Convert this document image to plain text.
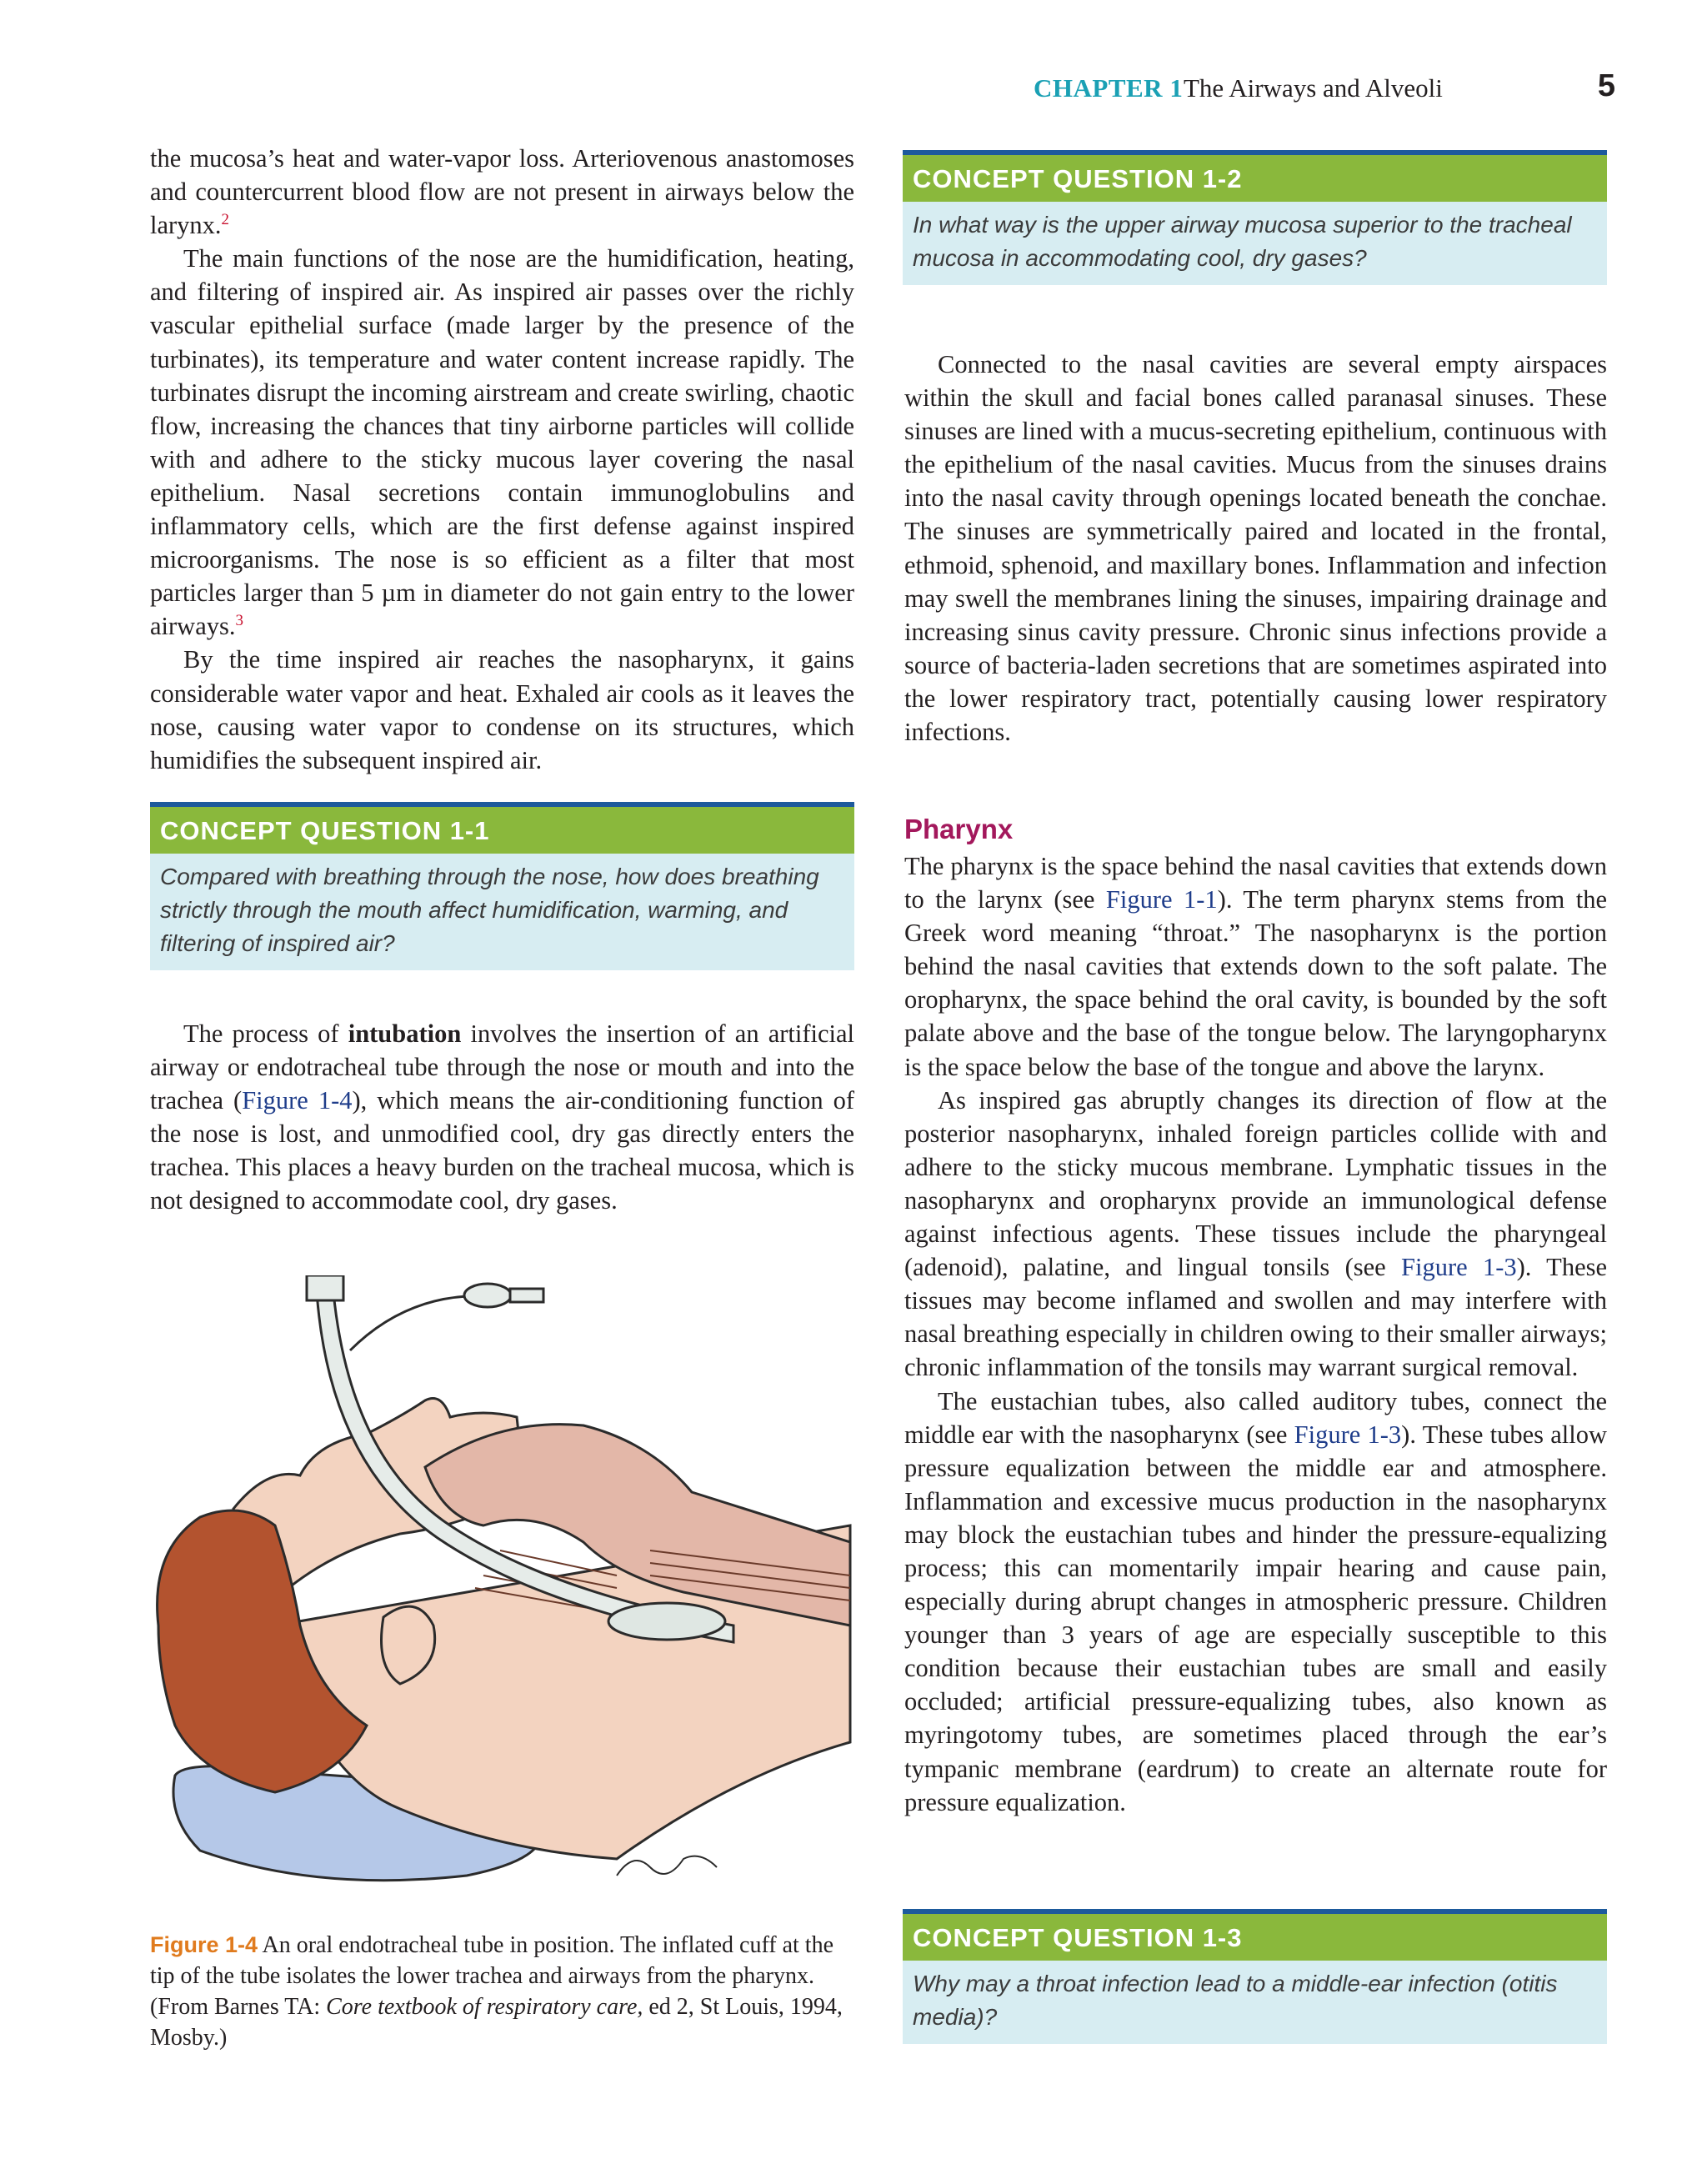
CHAPTER 1 The Airways and Alveoli	5

the mucosa’s heat and water-vapor loss. Arteriovenous anastomoses and countercurrent blood flow are not present in airways below the larynx.$^2$

The main functions of the nose are the humidification, heating, and filtering of inspired air. As inspired air passes over the richly vascular epithelial surface (made larger by the presence of the turbinates), its temperature and water content increase rapidly. The turbinates disrupt the incoming airstream and create swirling, chaotic flow, increasing the chances that tiny airborne particles will collide with and adhere to the sticky mucous layer covering the nasal epithelium. Nasal secretions contain immunoglobulins and inflammatory cells, which are the first defense against inspired microorganisms. The nose is so efficient as a filter that most particles larger than 5 µm in diameter do not gain entry to the lower airways.$^3$

By the time inspired air reaches the nasopharynx, it gains considerable water vapor and heat. Exhaled air cools as it leaves the nose, causing water vapor to condense on its structures, which humidifies the subsequent inspired air.

CONCEPT QUESTION 1-1
Compared with breathing through the nose, how does breathing strictly through the mouth affect humidification, warming, and filtering of inspired air?

The process of intubation involves the insertion of an artificial airway or endotracheal tube through the nose or mouth and into the trachea (Figure 1-4), which means the air-conditioning function of the nose is lost, and unmodified cool, dry gas directly enters the trachea. This places a heavy burden on the tracheal mucosa, which is not designed to accommodate cool, dry gases.

Figure 1-4 An oral endotracheal tube in position. The inflated cuff at the tip of the tube isolates the lower trachea and airways from the pharynx. (From Barnes TA: Core textbook of respiratory care, ed 2, St Louis, 1994, Mosby.)
CONCEPT QUESTION 1-2
In what way is the upper airway mucosa superior to the tracheal mucosa in accommodating cool, dry gases?

Connected to the nasal cavities are several empty airspaces within the skull and facial bones called paranasal sinuses. These sinuses are lined with a mucus-secreting epithelium, continuous with the epithelium of the nasal cavities. Mucus from the sinuses drains into the nasal cavity through openings located beneath the conchae. The sinuses are symmetrically paired and located in the frontal, ethmoid, sphenoid, and maxillary bones. Inflammation and infection may swell the membranes lining the sinuses, impairing drainage and increasing sinus cavity pressure. Chronic sinus infections provide a source of bacteria-laden secretions that are sometimes aspirated into the lower respiratory tract, potentially causing lower respiratory infections.

Pharynx

The pharynx is the space behind the nasal cavities that extends down to the larynx (see Figure 1-1). The term pharynx stems from the Greek word meaning “throat.” The nasopharynx is the portion behind the nasal cavities that extends down to the soft palate. The oropharynx, the space behind the oral cavity, is bounded by the soft palate above and the base of the tongue below. The laryngopharynx is the space below the base of the tongue and above the larynx.

As inspired gas abruptly changes its direction of flow at the posterior nasopharynx, inhaled foreign particles collide with and adhere to the sticky mucous membrane. Lymphatic tissues in the nasopharynx and oropharynx provide an immunological defense against infectious agents. These tissues include the pharyngeal (adenoid), palatine, and lingual tonsils (see Figure 1-3). These tissues may become inflamed and swollen and may interfere with nasal breathing especially in children owing to their smaller airways; chronic inflammation of the tonsils may warrant surgical removal.

The eustachian tubes, also called auditory tubes, connect the middle ear with the nasopharynx (see Figure 1-3). These tubes allow pressure equalization between the middle ear and atmosphere. Inflammation and excessive mucus production in the nasopharynx may block the eustachian tubes and hinder the pressure-equalizing process; this can momentarily impair hearing and cause pain, especially during abrupt changes in atmospheric pressure. Children younger than 3 years of age are especially susceptible to this condition because their eustachian tubes are small and easily occluded; artificial pressure-equalizing tubes, also known as myringotomy tubes, are sometimes placed through the ear’s tympanic membrane (eardrum) to create an alternate route for pressure equalization.

CONCEPT QUESTION 1-3
Why may a throat infection lead to a middle-ear infection (otitis media)?
